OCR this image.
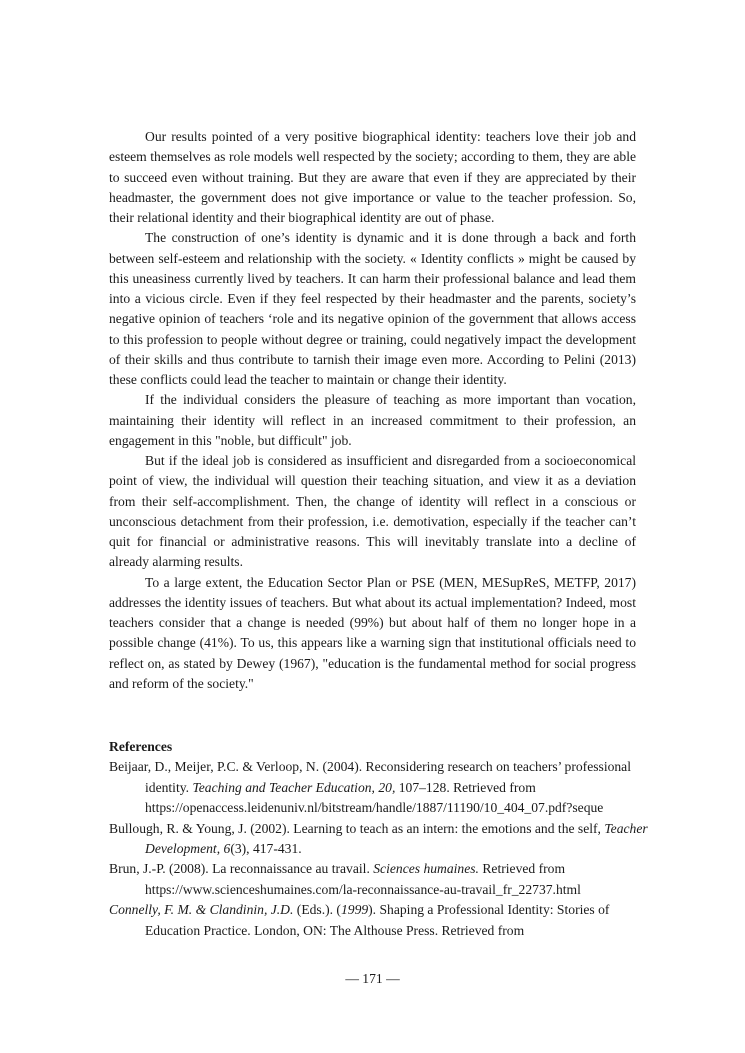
Our results pointed of a very positive biographical identity: teachers love their job and esteem themselves as role models well respected by the society; according to them, they are able to succeed even without training. But they are aware that even if they are appreciated by their headmaster, the government does not give importance or value to the teacher profession. So, their relational identity and their biographical identity are out of phase.

The construction of one’s identity is dynamic and it is done through a back and forth between self-esteem and relationship with the society. « Identity conflicts » might be caused by this uneasiness currently lived by teachers. It can harm their professional balance and lead them into a vicious circle. Even if they feel respected by their headmaster and the parents, society’s negative opinion of teachers ‘role and its negative opinion of the government that allows access to this profession to people without degree or training, could negatively impact the development of their skills and thus contribute to tarnish their image even more. According to Pelini (2013) these conflicts could lead the teacher to maintain or change their identity.

If the individual considers the pleasure of teaching as more important than vocation, maintaining their identity will reflect in an increased commitment to their profession, an engagement in this "noble, but difficult" job.

But if the ideal job is considered as insufficient and disregarded from a socioeconomical point of view, the individual will question their teaching situation, and view it as a deviation from their self-accomplishment. Then, the change of identity will reflect in a conscious or unconscious detachment from their profession, i.e. demotivation, especially if the teacher can’t quit for financial or administrative reasons. This will inevitably translate into a decline of already alarming results.

To a large extent, the Education Sector Plan or PSE (MEN, MESupReS, METFP, 2017) addresses the identity issues of teachers. But what about its actual implementation? Indeed, most teachers consider that a change is needed (99%) but about half of them no longer hope in a possible change (41%). To us, this appears like a warning sign that institutional officials need to reflect on, as stated by Dewey (1967), "education is the fundamental method for social progress and reform of the society."

References

Beijaar, D., Meijer, P.C. & Verloop, N. (2004). Reconsidering research on teachers’ professional identity. Teaching and Teacher Education, 20, 107–128. Retrieved from
https://openaccess.leidenuniv.nl/bitstream/handle/1887/11190/10_404_07.pdf?seque

Bullough, R. & Young, J. (2002). Learning to teach as an intern: the emotions and the self, Teacher Development, 6(3), 417-431.

Brun, J.-P. (2008). La reconnaissance au travail. Sciences humaines. Retrieved from
https://www.scienceshumaines.com/la-reconnaissance-au-travail_fr_22737.html

Connelly, F. M. & Clandinin, J.D. (Eds.). (1999). Shaping a Professional Identity: Stories of Education Practice. London, ON: The Althouse Press. Retrieved from

— 171 —
